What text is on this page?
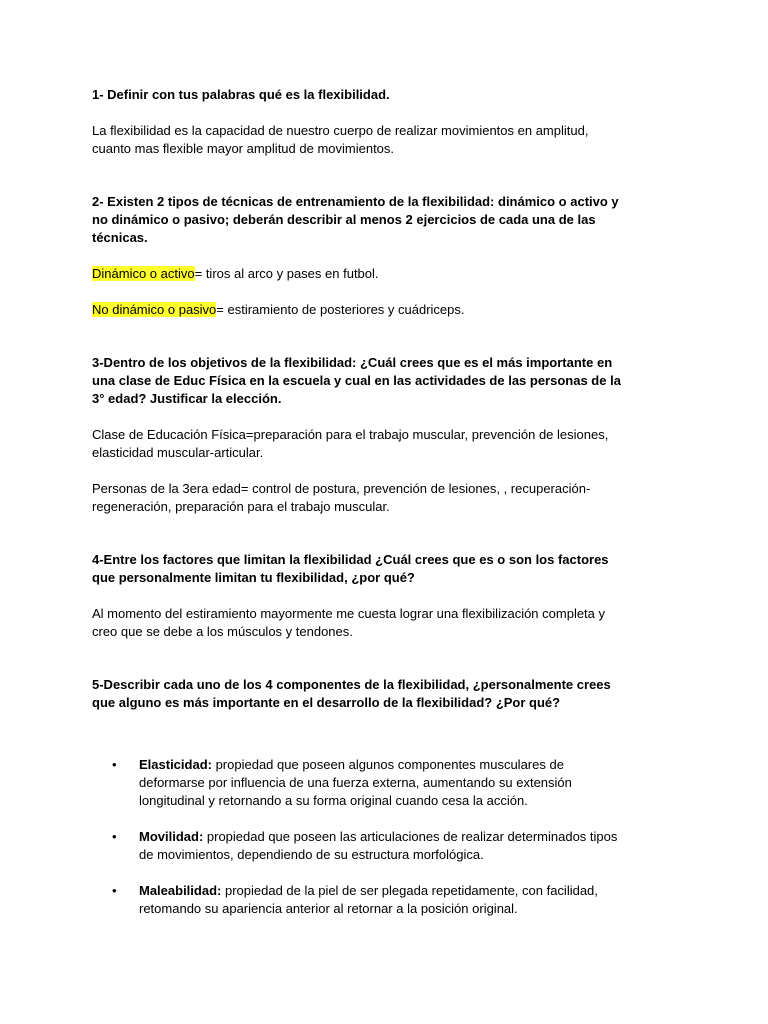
1- Definir con tus palabras qué es la flexibilidad.

La flexibilidad es la capacidad de nuestro cuerpo de realizar movimientos en amplitud,
cuanto mas flexible mayor amplitud de movimientos.

2- Existen 2 tipos de técnicas de entrenamiento de la flexibilidad: dinámico o activo y
no dinámico o pasivo; deberán describir al menos 2 ejercicios de cada una de las
técnicas.

Dinámico o activo= tiros al arco y pases en futbol.

No dinámico o pasivo= estiramiento de posteriores y cuádriceps.

3-Dentro de los objetivos de la flexibilidad: ¿Cuál crees que es el más importante en
una clase de Educ Física en la escuela y cual en las actividades de las personas de la
3° edad? Justificar la elección.

Clase de Educación Física=preparación para el trabajo muscular, prevención de lesiones,
elasticidad muscular-articular.

Personas de la 3era edad= control de postura, prevención de lesiones, , recuperación-
regeneración, preparación para el trabajo muscular.

4-Entre los factores que limitan la flexibilidad ¿Cuál crees que es o son los factores
que personalmente limitan tu flexibilidad, ¿por qué?

Al momento del estiramiento mayormente me cuesta lograr una flexibilización completa y
creo que se debe a los músculos y tendones.

5-Describir cada uno de los 4 componentes de la flexibilidad, ¿personalmente crees
que alguno es más importante en el desarrollo de la flexibilidad? ¿Por qué?

• Elasticidad: propiedad que poseen algunos componentes musculares de
deformarse por influencia de una fuerza externa, aumentando su extensión
longitudinal y retornando a su forma original cuando cesa la acción.
• Movilidad: propiedad que poseen las articulaciones de realizar determinados tipos
de movimientos, dependiendo de su estructura morfológica.
• Maleabilidad: propiedad de la piel de ser plegada repetidamente, con facilidad,
retomando su apariencia anterior al retornar a la posición original.
